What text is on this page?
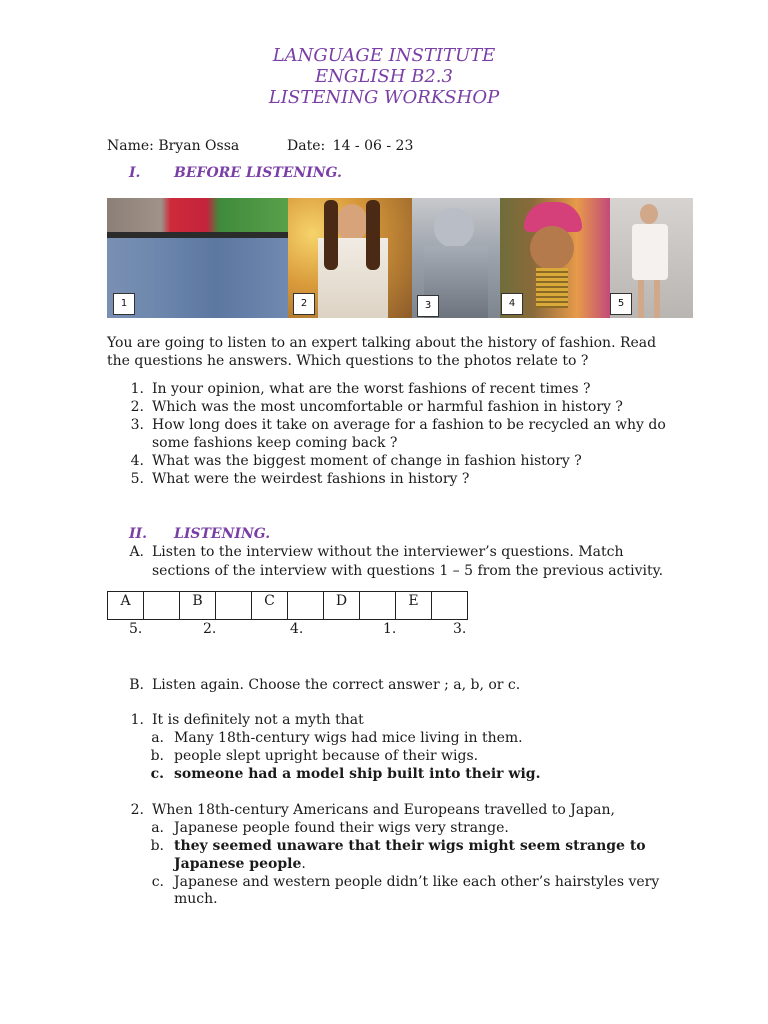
LANGUAGE INSTITUTE
ENGLISH B2.3
LISTENING WORKSHOP
Name: Bryan Ossa	Date: 14 - 06 - 23
I. BEFORE LISTENING.
1	2	3	4	5
You are going to listen to an expert talking about the history of fashion. Read
the questions he answers. Which questions to the photos relate to ?
1. In your opinion, what are the worst fashions of recent times ?
2. Which was the most uncomfortable or harmful fashion in history ?
3. How long does it take on average for a fashion to be recycled an why do
some fashions keep coming back ?
4. What was the biggest moment of change in fashion history ?
5. What were the weirdest fashions in history ?
II. LISTENING.
A. Listen to the interview without the interviewer’s questions. Match
sections of the interview with questions 1 – 5 from the previous activity.
A		B		C		D		E	
5.	2.	4.	1.	3.
B. Listen again. Choose the correct answer ; a, b, or c.
1. It is definitely not a myth that
a. Many 18th-century wigs had mice living in them.
b. people slept upright because of their wigs.
c. someone had a model ship built into their wig.
2. When 18th-century Americans and Europeans travelled to Japan,
a. Japanese people found their wigs very strange.
b. they seemed unaware that their wigs might seem strange to
Japanese people.
c. Japanese and western people didn’t like each other’s hairstyles very
much.
